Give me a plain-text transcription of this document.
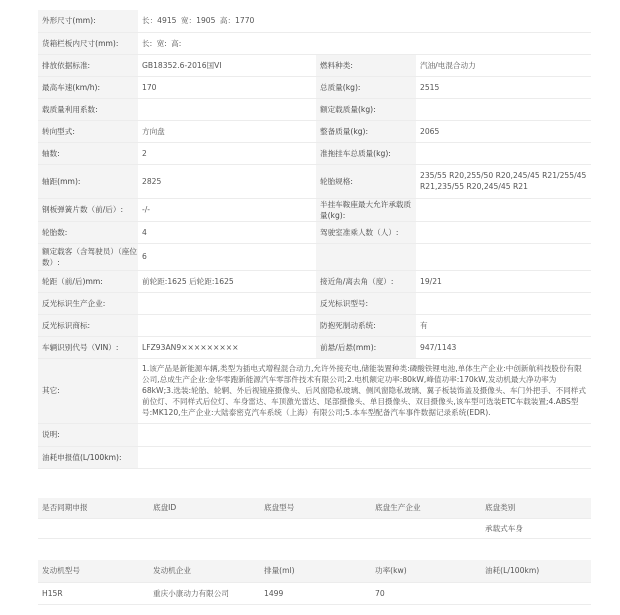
外形尺寸(mm):	长：4915 宽：1905 高：1770		
货箱栏板内尺寸(mm):	长: 宽: 高:		
排放依据标准:	GB18352.6-2016国VI	燃料种类:	汽油/电混合动力
最高车速(km/h):	170	总质量(kg):	2515
载质量利用系数:		额定载质量(kg):	
转向型式:	方向盘	整备质量(kg):	2065
轴数:	2	准拖挂车总质量(kg):	
轴距(mm):	2825	轮胎规格:	235/55 R20,255/50 R20,245/45 R21/255/45 R21,235/55 R20,245/45 R21
钢板弹簧片数（前/后）:	-/-	半挂车鞍座最大允许承载质量(kg):	
轮胎数:	4	驾驶室准乘人数（人）:	
额定载客（含驾驶员）（座位数）:	6		
轮距（前/后)mm:	前轮距:1625 后轮距:1625	接近角/离去角（度）:	19/21
反光标识生产企业:		反光标识型号:	
反光标识商标:		防抱死制动系统:	有
车辆识别代号（VIN）:	LFZ93AN9×××××××××	前悬/后悬(mm):	947/1143
其它:	1.该产品是新能源车辆,类型为插电式增程混合动力,允许外接充电,储能装置种类:磷酸铁锂电池,单体生产企业:中创新航科技股份有限公司,总成生产企业:金华零跑新能源汽车零部件技术有限公司;2.电机额定功率:80kW,峰值功率:170kW,发动机最大净功率为 68kW;3.选装:轮胎、轮辋、外后视镜座摄像头、后风窗隐私玻璃、侧风窗隐私玻璃、翼子板装饰盖及摄像头、车门外把手、不同样式前位灯、不同样式后位灯、车身雷达、车顶激光雷达、尾部摄像头、单目摄像头、双目摄像头,该车型可选装ETC车载装置;4.ABS型号:MK120,生产企业:大陆泰密克汽车系统（上海）有限公司;5.本车型配备汽车事件数据记录系统(EDR).		
说明:			
油耗申报值(L/100km):			
是否同期申报	底盘ID	底盘型号	底盘生产企业	底盘类别
				承载式车身
发动机型号	发动机企业	排量(ml)	功率(kw)	油耗(L/100km)
H15R	重庆小康动力有限公司	1499	70	
